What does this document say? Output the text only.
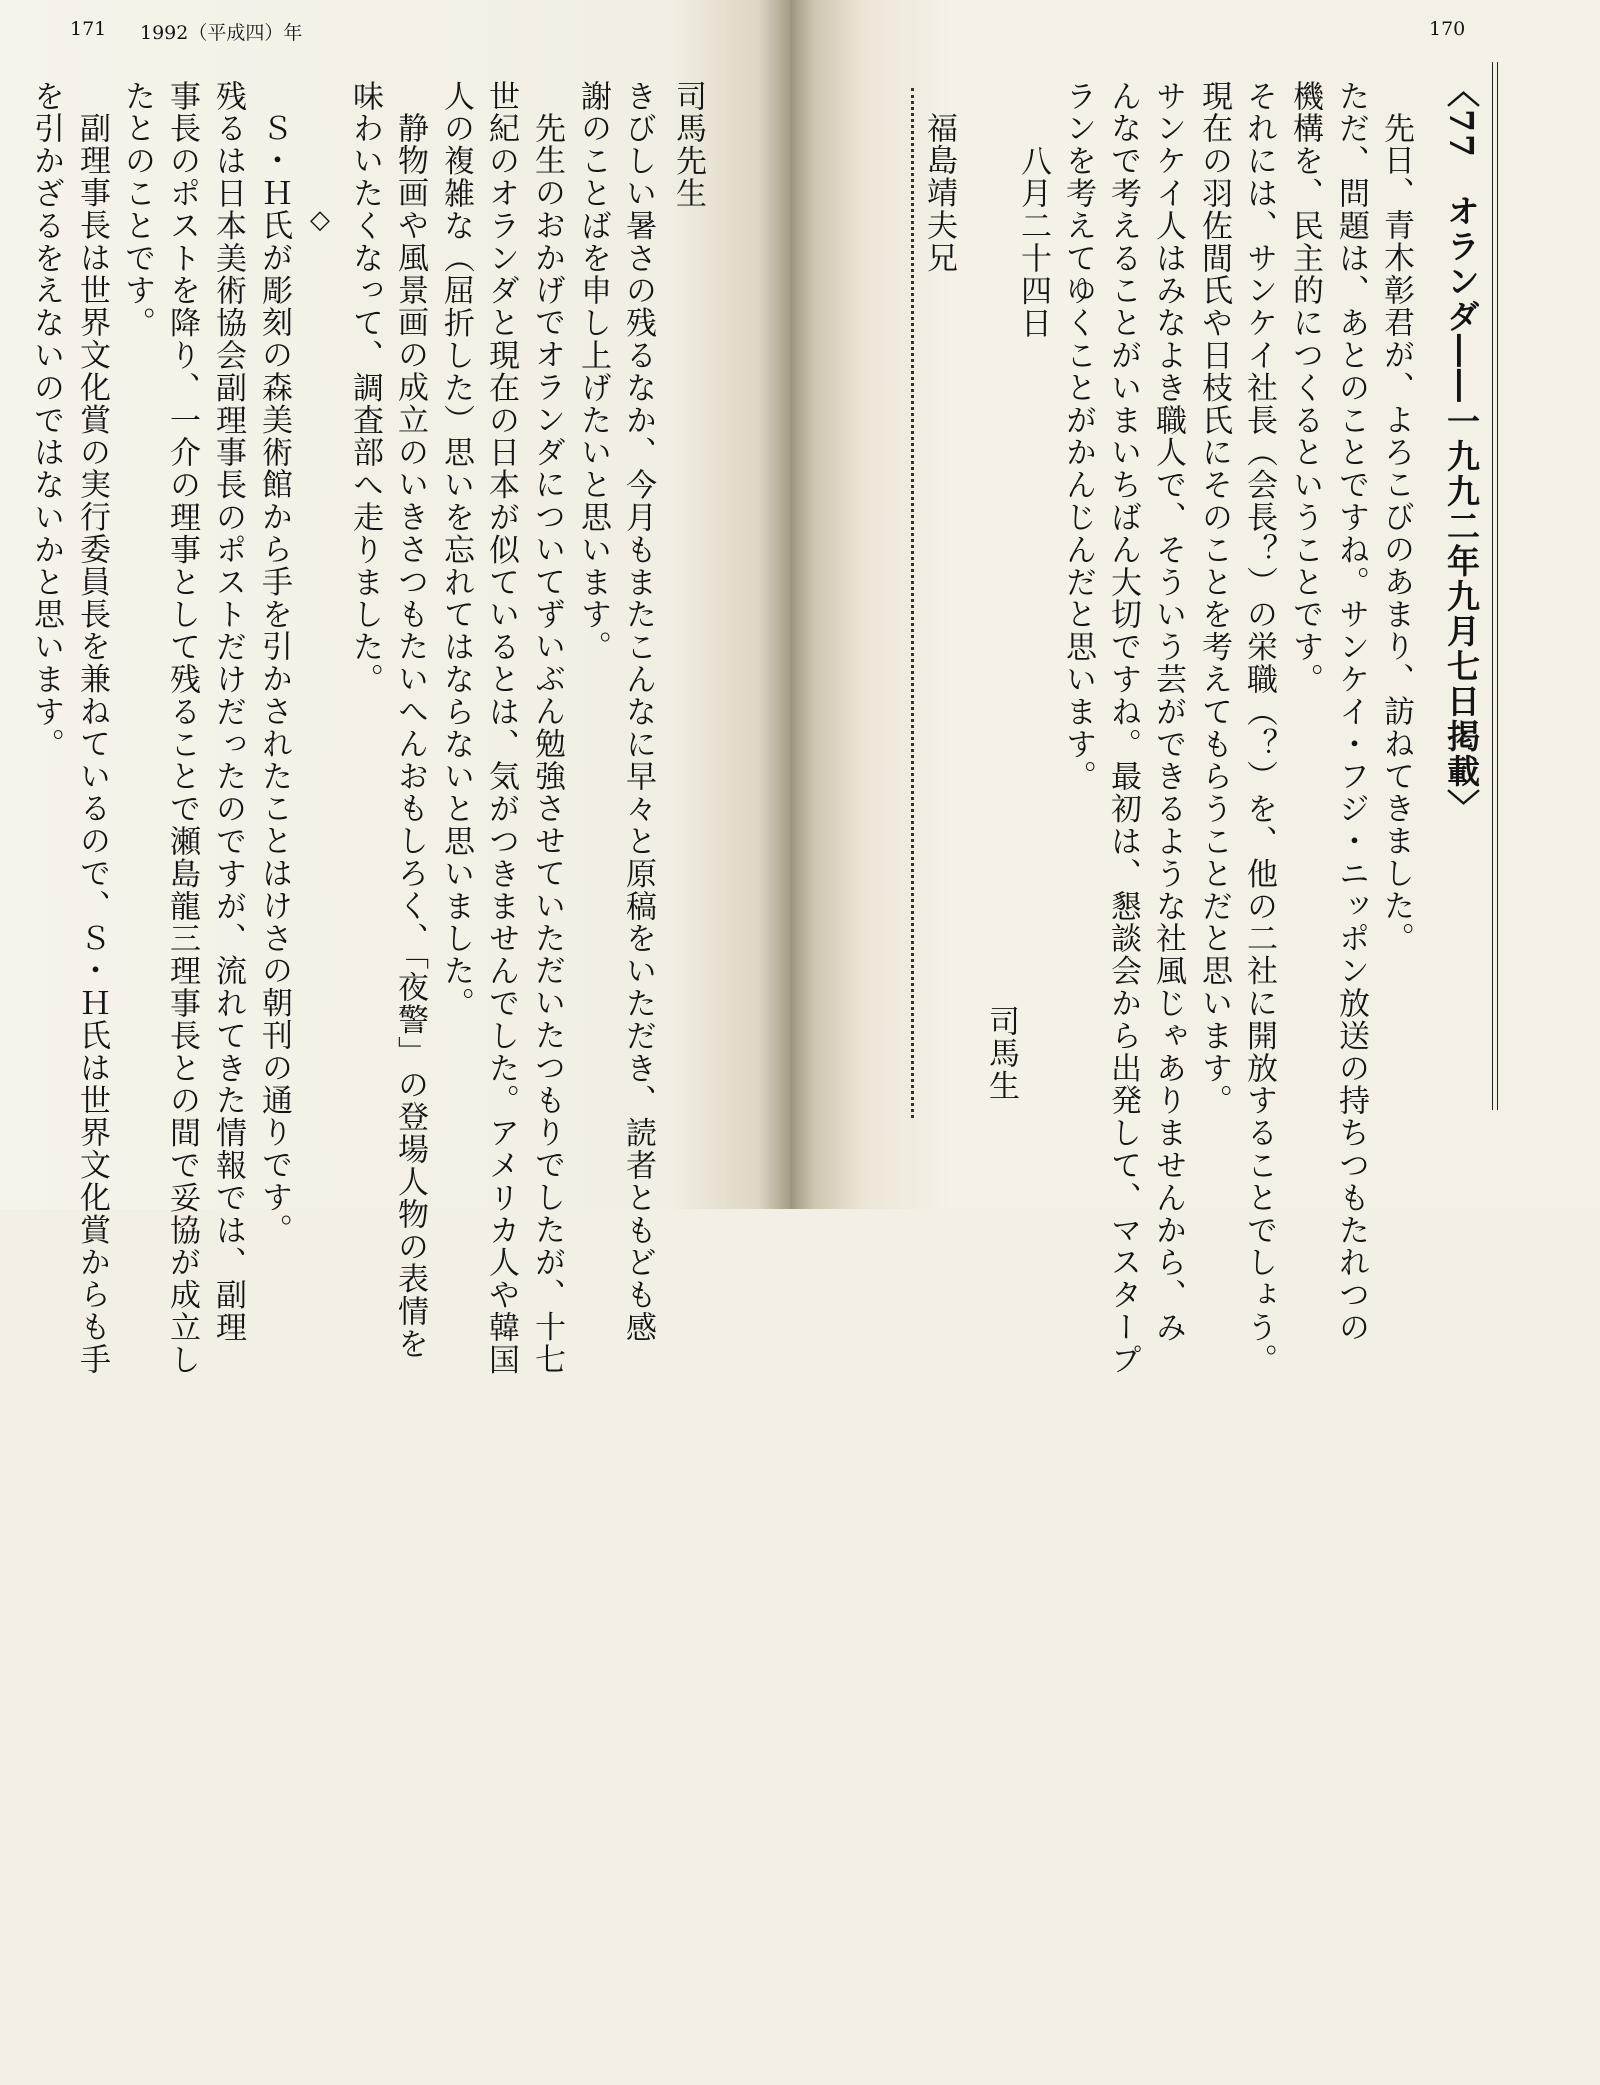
171 1992（平成四）年
司馬先生
きびしい暑さの残るなか、今月もまたこんなに早々と原稿をいただき、読者ともども感
謝のことばを申し上げたいと思います。
先生のおかげでオランダについてずいぶん勉強させていただいたつもりでしたが、十七
世紀のオランダと現在の日本が似ているとは、気がつきませんでした。アメリカ人や韓国
人の複雑な（屈折した）思いを忘れてはならないと思いました。
静物画や風景画の成立のいきさつもたいへんおもしろく、「夜警」の登場人物の表情を
味わいたくなって、調査部へ走りました。
◇
Ｓ・Ｈ氏が彫刻の森美術館から手を引かされたことはけさの朝刊の通りです。
残るは日本美術協会副理事長のポストだけだったのですが、流れてきた情報では、副理
事長のポストを降り、一介の理事として残ることで瀬島龍三理事長との間で妥協が成立し
たとのことです。
副理事長は世界文化賞の実行委員長を兼ねているので、Ｓ・Ｈ氏は世界文化賞からも手
を引かざるをえないのではないかと思います。
170
〈77　オランダ――一九九二年九月七日掲載〉
先日、青木彰君が、よろこびのあまり、訪ねてきました。
ただ、問題は、あとのことですね。サンケイ・フジ・ニッポン放送の持ちつもたれつの
機構を、民主的につくるということです。
それには、サンケイ社長（会長？）の栄職（？）を、他の二社に開放することでしょう。
現在の羽佐間氏や日枝氏にそのことを考えてもらうことだと思います。
サンケイ人はみなよき職人で、そういう芸ができるような社風じゃありませんから、み
んなで考えることがいまいちばん大切ですね。最初は、懇談会から出発して、マスタープ
ランを考えてゆくことがかんじんだと思います。
八月二十四日
司馬生
福島靖夫兄
